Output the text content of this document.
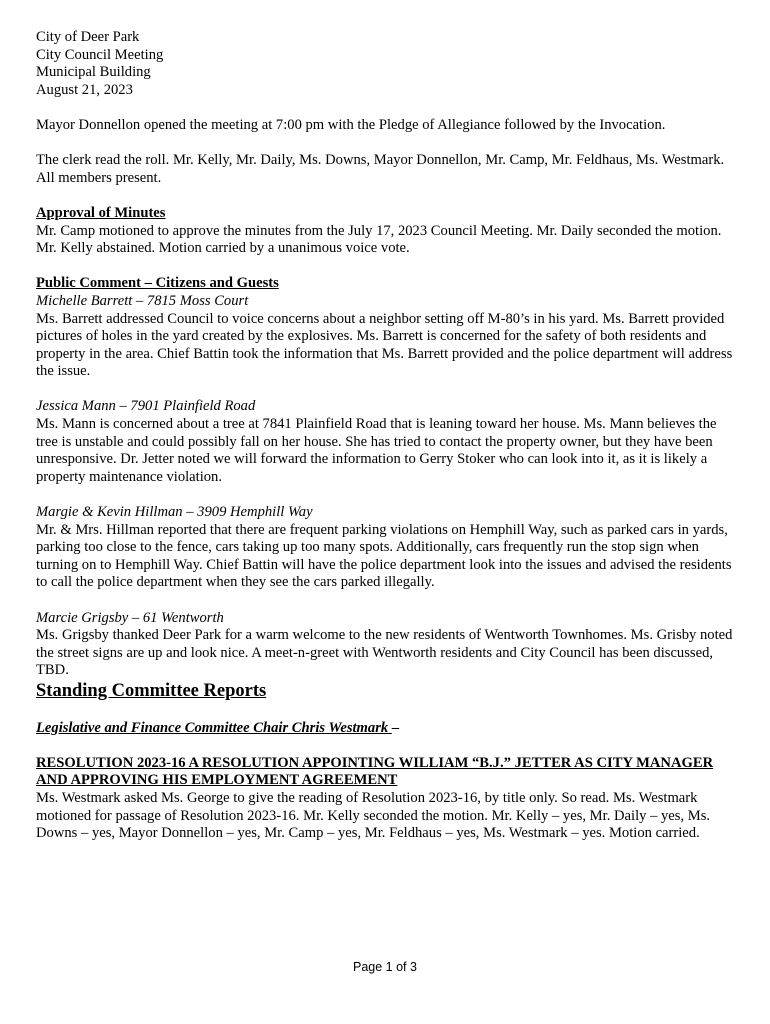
City of Deer Park

City Council Meeting

Municipal Building

August 21, 2023

Mayor Donnellon opened the meeting at 7:00 pm with the Pledge of Allegiance followed by the Invocation.

The clerk read the roll. Mr. Kelly, Mr. Daily, Ms. Downs, Mayor Donnellon, Mr. Camp, Mr. Feldhaus, Ms. Westmark. All members present.

Approval of Minutes

Mr. Camp motioned to approve the minutes from the July 17, 2023 Council Meeting. Mr. Daily seconded the motion. Mr. Kelly abstained. Motion carried by a unanimous voice vote.

Public Comment – Citizens and Guests

Michelle Barrett – 7815 Moss Court

Ms. Barrett addressed Council to voice concerns about a neighbor setting off M-80’s in his yard. Ms. Barrett provided pictures of holes in the yard created by the explosives. Ms. Barrett is concerned for the safety of both residents and property in the area. Chief Battin took the information that Ms. Barrett provided and the police department will address the issue.

Jessica Mann – 7901 Plainfield Road

Ms. Mann is concerned about a tree at 7841 Plainfield Road that is leaning toward her house. Ms. Mann believes the tree is unstable and could possibly fall on her house. She has tried to contact the property owner, but they have been unresponsive. Dr. Jetter noted we will forward the information to Gerry Stoker who can look into it, as it is likely a property maintenance violation.

Margie & Kevin Hillman – 3909 Hemphill Way

Mr. & Mrs. Hillman reported that there are frequent parking violations on Hemphill Way, such as parked cars in yards, parking too close to the fence, cars taking up too many spots. Additionally, cars frequently run the stop sign when turning on to Hemphill Way. Chief Battin will have the police department look into the issues and advised the residents to call the police department when they see the cars parked illegally.

Marcie Grigsby – 61 Wentworth

Ms. Grigsby thanked Deer Park for a warm welcome to the new residents of Wentworth Townhomes. Ms. Grisby noted the street signs are up and look nice. A meet-n-greet with Wentworth residents and City Council has been discussed, TBD.

Standing Committee Reports

Legislative and Finance Committee Chair Chris Westmark –

RESOLUTION 2023-16 A RESOLUTION APPOINTING WILLIAM “B.J.” JETTER AS CITY MANAGER AND APPROVING HIS EMPLOYMENT AGREEMENT

Ms. Westmark asked Ms. George to give the reading of Resolution 2023-16, by title only. So read. Ms. Westmark motioned for passage of Resolution 2023-16. Mr. Kelly seconded the motion. Mr. Kelly – yes, Mr. Daily – yes, Ms. Downs – yes, Mayor Donnellon – yes, Mr. Camp – yes, Mr. Feldhaus – yes, Ms. Westmark – yes. Motion carried.

Page 1 of 3
